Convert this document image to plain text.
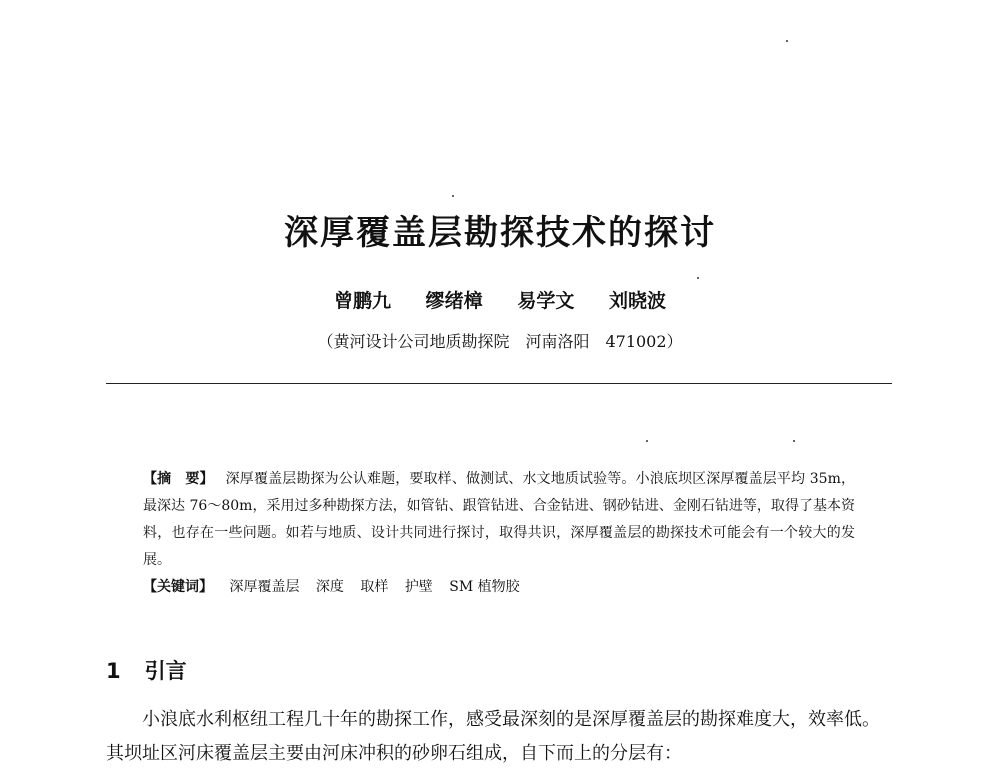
深厚覆盖层勘探技术的探讨
曾鹏九 缪绪樟 易学文 刘晓波
（黄河设计公司地质勘探院　河南洛阳　471002）

【摘　要】 深厚覆盖层勘探为公认难题，要取样、做测试、水文地质试验等。小浪底坝区深厚覆盖层平均 35m，最深达 76～80m，采用过多种勘探方法，如管钻、跟管钻进、合金钻进、钢砂钻进、金刚石钻进等，取得了基本资料，也存在一些问题。如若与地质、设计共同进行探讨，取得共识，深厚覆盖层的勘探技术可能会有一个较大的发展。

【关键词】 深厚覆盖层 深度 取样 护壁 SM 植物胶

1 引言

小浪底水利枢纽工程几十年的勘探工作，感受最深刻的是深厚覆盖层的勘探难度大，效率低。其坝址区河床覆盖层主要由河床冲积的砂卵石组成，自下而上的分层有：
